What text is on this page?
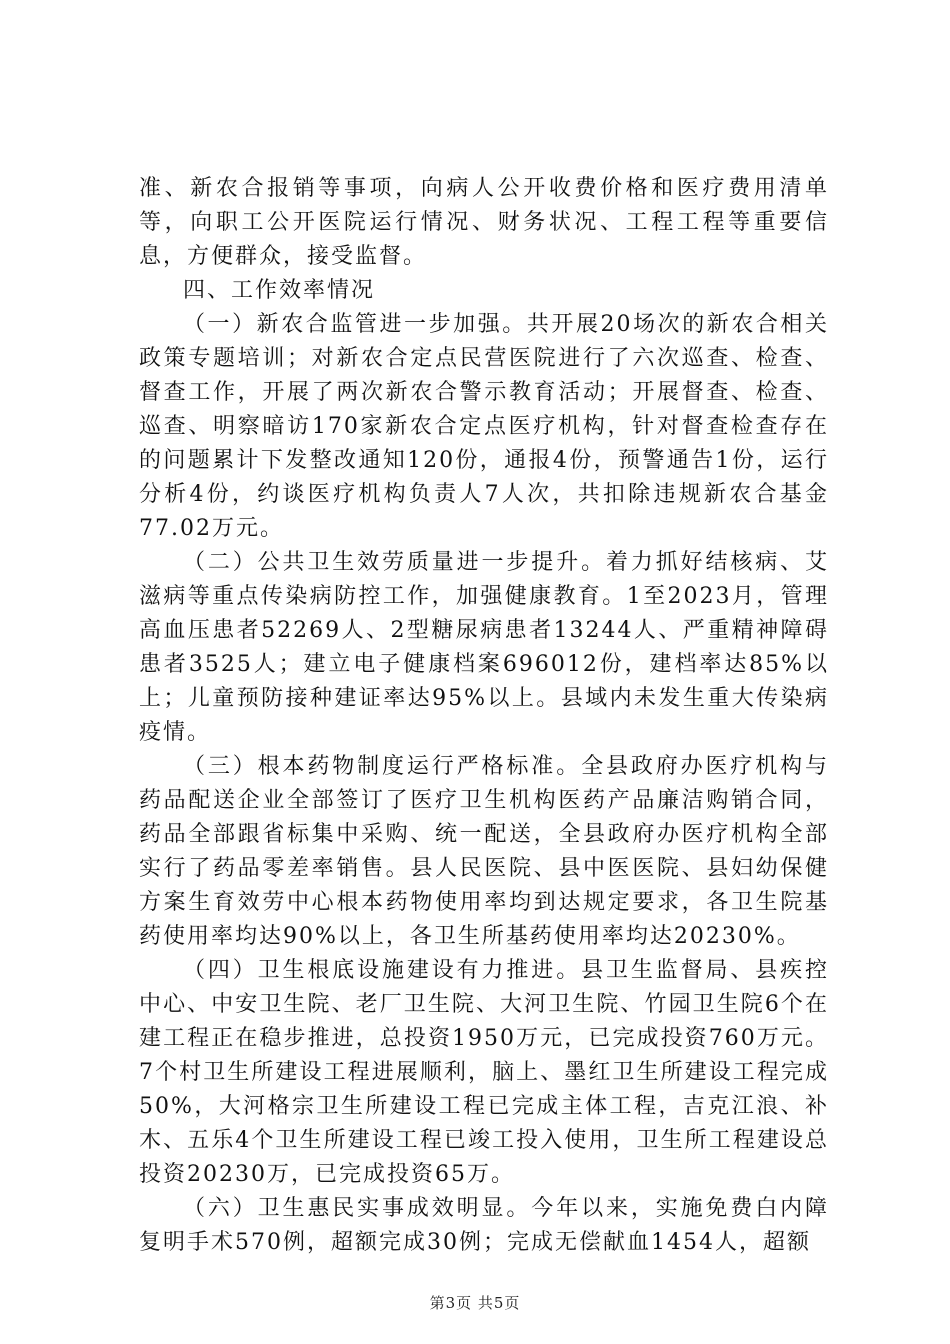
准、新农合报销等事项，向病人公开收费价格和医疗费用清单等，向职工公开医院运行情况、财务状况、工程工程等重要信息，方便群众，接受监督。

四、工作效率情况

（一）新农合监管进一步加强。共开展20场次的新农合相关政策专题培训；对新农合定点民营医院进行了六次巡查、检查、督查工作，开展了两次新农合警示教育活动；开展督查、检查、巡查、明察暗访170家新农合定点医疗机构，针对督查检查存在的问题累计下发整改通知120份，通报4份，预警通告1份，运行分析4份，约谈医疗机构负责人7人次，共扣除违规新农合基金77.02万元。

（二）公共卫生效劳质量进一步提升。着力抓好结核病、艾滋病等重点传染病防控工作，加强健康教育。1至2023月，管理高血压患者52269人、2型糖尿病患者13244人、严重精神障碍患者3525人；建立电子健康档案696012份，建档率达85%以上；儿童预防接种建证率达95%以上。县域内未发生重大传染病疫情。

（三）根本药物制度运行严格标准。全县政府办医疗机构与药品配送企业全部签订了医疗卫生机构医药产品廉洁购销合同，药品全部跟省标集中采购、统一配送，全县政府办医疗机构全部实行了药品零差率销售。县人民医院、县中医医院、县妇幼保健方案生育效劳中心根本药物使用率均到达规定要求，各卫生院基药使用率均达90%以上，各卫生所基药使用率均达20230%。

（四）卫生根底设施建设有力推进。县卫生监督局、县疾控中心、中安卫生院、老厂卫生院、大河卫生院、竹园卫生院6个在建工程正在稳步推进，总投资1950万元，已完成投资760万元。7个村卫生所建设工程进展顺利，脑上、墨红卫生所建设工程完成50%，大河格宗卫生所建设工程已完成主体工程，吉克江浪、补木、五乐4个卫生所建设工程已竣工投入使用，卫生所工程建设总投资20230万，已完成投资65万。

（六）卫生惠民实事成效明显。今年以来，实施免费白内障复明手术570例，超额完成30例；完成无偿献血1454人，超额

第3页 共5页
